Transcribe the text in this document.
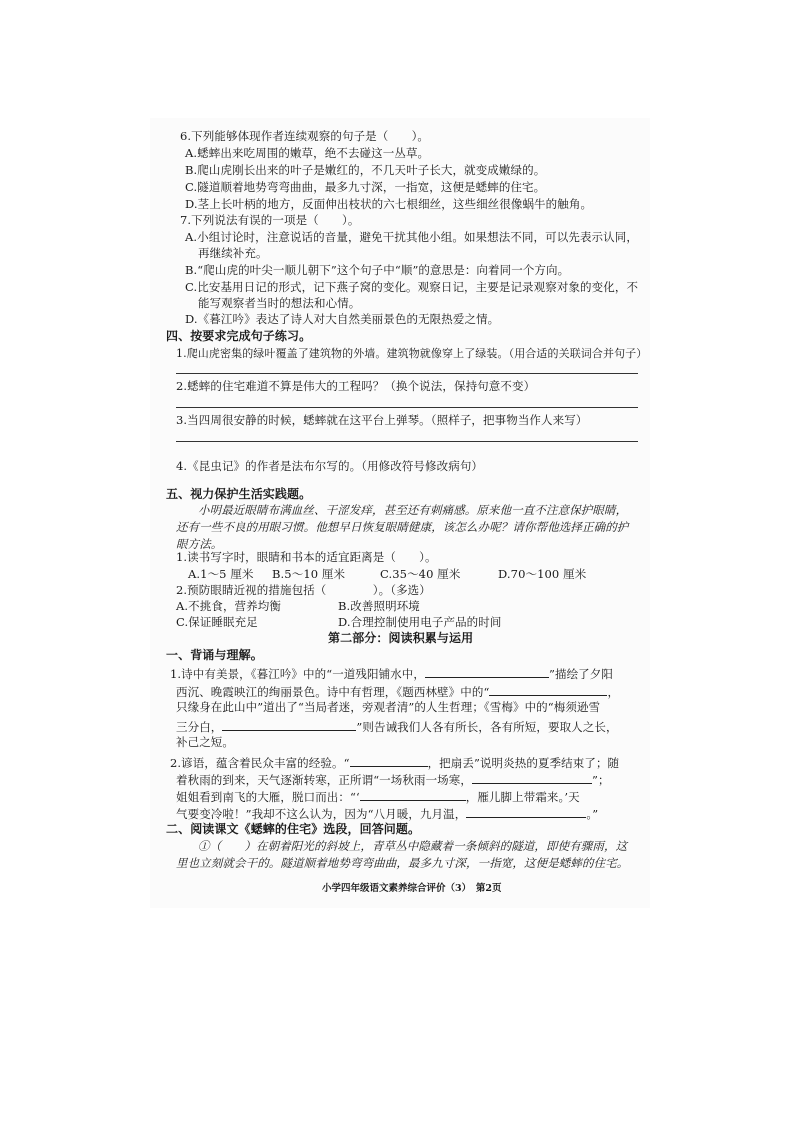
6.下列能够体现作者连续观察的句子是（　　）。
A.蟋蟀出来吃周围的嫩草，绝不去碰这一丛草。
B.爬山虎刚长出来的叶子是嫩红的，不几天叶子长大，就变成嫩绿的。
C.隧道顺着地势弯弯曲曲，最多九寸深，一指宽，这便是蟋蟀的住宅。
D.茎上长叶柄的地方，反面伸出枝状的六七根细丝，这些细丝很像蜗牛的触角。
7.下列说法有误的一项是（　　）。
A.小组讨论时，注意说话的音量，避免干扰其他小组。如果想法不同，可以先表示认同，
再继续补充。
B.“爬山虎的叶尖一顺儿朝下”这个句子中“顺”的意思是：向着同一个方向。
C.比安基用日记的形式，记下燕子窝的变化。观察日记，主要是记录观察对象的变化，不
能写观察者当时的想法和心情。
D.《暮江吟》表达了诗人对大自然美丽景色的无限热爱之情。
四、按要求完成句子练习。
1.爬山虎密集的绿叶覆盖了建筑物的外墙。建筑物就像穿上了绿装。（用合适的关联词合并句子）
2.蟋蟀的住宅难道不算是伟大的工程吗？（换个说法，保持句意不变）
3.当四周很安静的时候，蟋蟀就在这平台上弹琴。（照样子，把事物当作人来写）
4.《昆虫记》的作者是法布尔写的。（用修改符号修改病句）
五、视力保护生活实践题。
小明最近眼睛布满血丝、干涩发痒，甚至还有刺痛感。原来他一直不注意保护眼睛，
还有一些不良的用眼习惯。他想早日恢复眼睛健康，该怎么办呢？请你帮他选择正确的护
眼方法。
1.读书写字时，眼睛和书本的适宜距离是（　　）。
A.1～5 厘米 B.5～10 厘米	C.35～40 厘米	D.70～100 厘米
2.预防眼睛近视的措施包括（　　　　）。（多选）
A.不挑食，营养均衡	B.改善照明环境
C.保证睡眠充足	D.合理控制使用电子产品的时间
第二部分：阅读积累与运用
一、背诵与理解。
1.诗中有美景，《暮江吟》中的“一道残阳铺水中，	”描绘了夕阳
西沉、晚霞映江的绚丽景色。诗中有哲理，《题西林壁》中的“	，
只缘身在此山中”道出了“当局者迷，旁观者清”的人生哲理；《雪梅》中的“梅须逊雪
三分白，	”则告诫我们人各有所长，各有所短，要取人之长，
补己之短。
2.谚语，蕴含着民众丰富的经验。“	，把扇丢”说明炎热的夏季结束了；随
着秋雨的到来，天气逐渐转寒，正所谓“一场秋雨一场寒，	”；
姐姐看到南飞的大雁，脱口而出：“‘	，雁儿脚上带霜来。’天
气要变冷啦！”我却不这么认为，因为“八月暖，九月温，	。”
二、阅读课文《蟋蟀的住宅》选段，回答问题。
①（　　）在朝着阳光的斜坡上，青草丛中隐藏着一条倾斜的隧道，即使有骤雨，这
里也立刻就会干的。隧道顺着地势弯弯曲曲，最多九寸深，一指宽，这便是蟋蟀的住宅。
小学四年级语文素养综合评价（3）　第2页
